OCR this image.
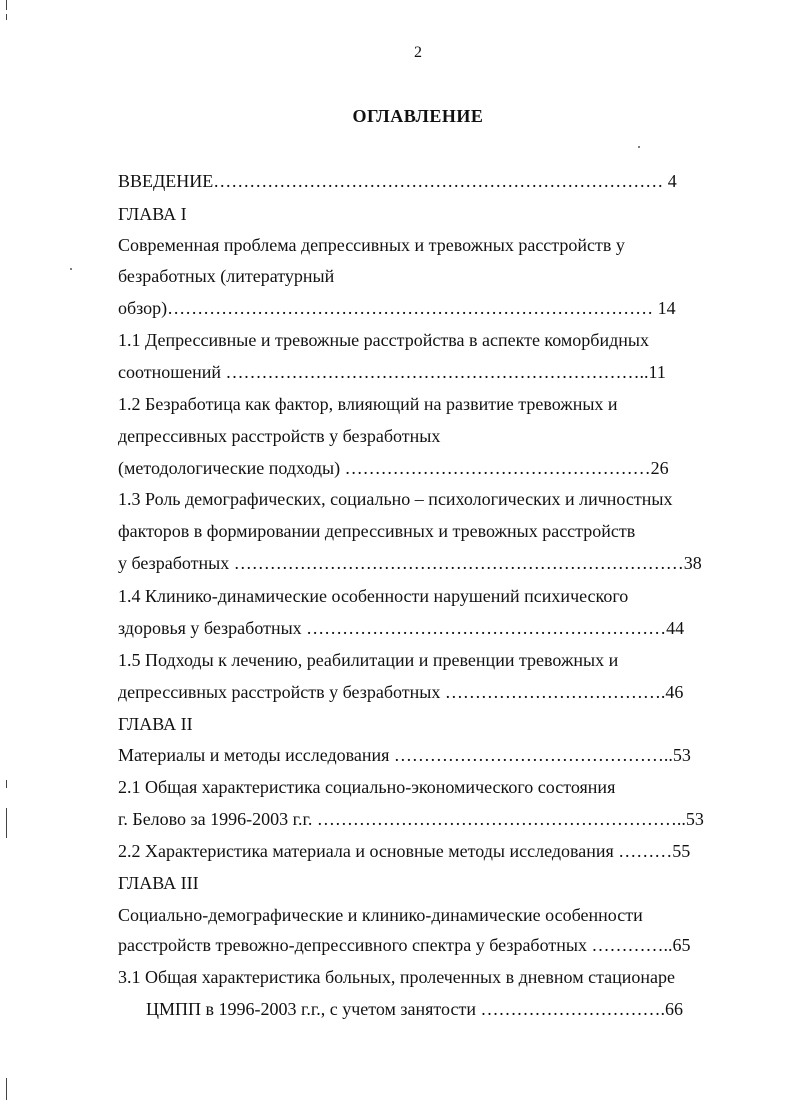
2
ОГЛАВЛЕНИЕ
ВВЕДЕНИЕ………………………………………………………………… 4
ГЛАВА I
Современная проблема депрессивных и тревожных расстройств у
безработных (литературный
обзор)……………………………………………………………………… 14
1.1 Депрессивные и тревожные расстройства в аспекте коморбидных
соотношений ……………………………………………………………..11
1.2 Безработица как фактор, влияющий на развитие тревожных и
депрессивных расстройств у безработных
(методологические подходы) ……………………………………………26
1.3 Роль демографических, социально – психологических и личностных
факторов в формировании депрессивных и тревожных расстройств
у безработных …………………………………………………………………38
1.4 Клинико-динамические особенности нарушений психического
здоровья у безработных ……………………………………………………44
1.5 Подходы к лечению, реабилитации и превенции тревожных и
депрессивных расстройств у безработных ……………………………….46
ГЛАВА II
Материалы и методы исследования ………………………………………..53
2.1 Общая характеристика социально-экономического состояния
г. Белово за 1996-2003 г.г. ……………………………………………………..53
2.2 Характеристика материала и основные методы исследования ………55
ГЛАВА III
Социально-демографические и клинико-динамические особенности
расстройств тревожно-депрессивного спектра у безработных …………..65
3.1 Общая характеристика больных, пролеченных в дневном стационаре
ЦМПП в 1996-2003 г.г., с учетом занятости ………………………….66
